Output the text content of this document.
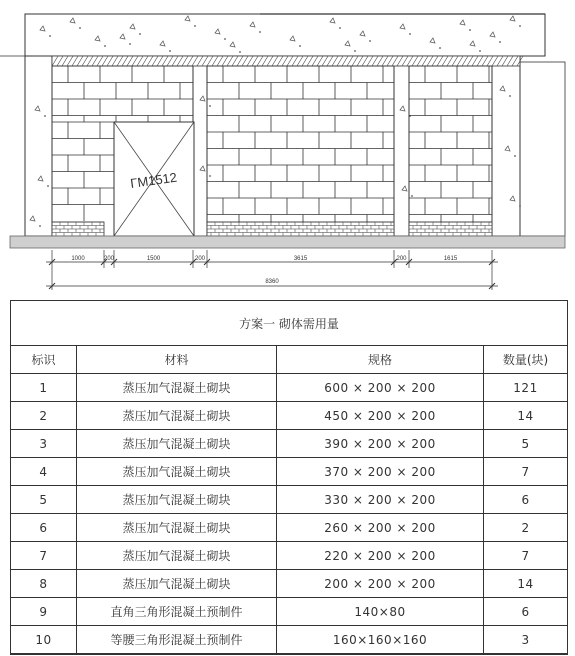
ΓM1512
1000	200	1500	200	3615	200	1615
8360
方案一 砌体需用量			
标识	材料	规格	数量(块)
1	蒸压加气混凝土砌块	600 × 200 × 200	121
2	蒸压加气混凝土砌块	450 × 200 × 200	14
3	蒸压加气混凝土砌块	390 × 200 × 200	5
4	蒸压加气混凝土砌块	370 × 200 × 200	7
5	蒸压加气混凝土砌块	330 × 200 × 200	6
6	蒸压加气混凝土砌块	260 × 200 × 200	2
7	蒸压加气混凝土砌块	220 × 200 × 200	7
8	蒸压加气混凝土砌块	200 × 200 × 200	14
9	直角三角形混凝土预制件	140×80	6
10	等腰三角形混凝土预制件	160×160×160	3
